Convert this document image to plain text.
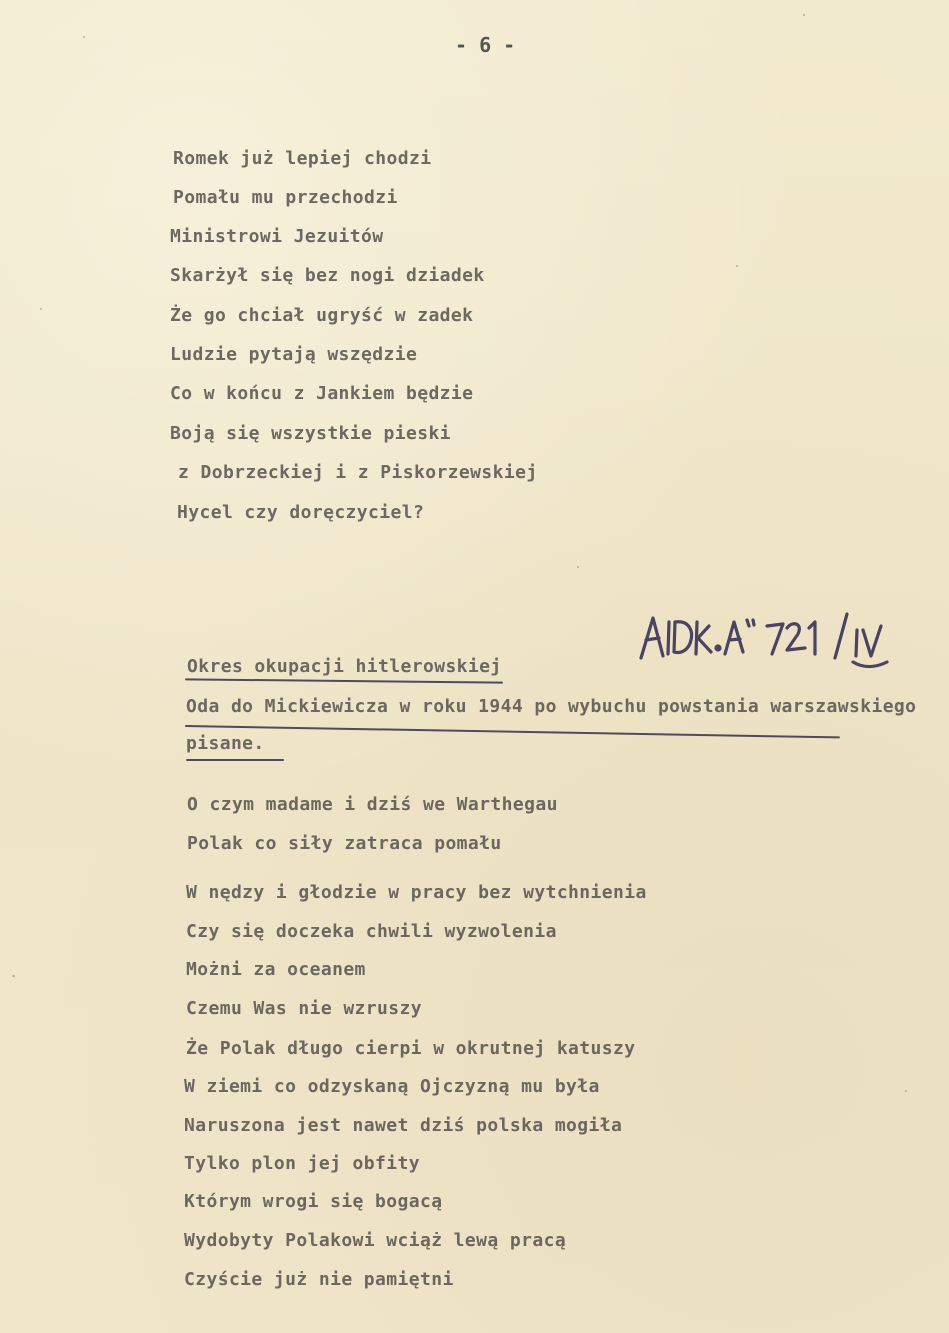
- 6 -

Romek już lepiej chodzi

Pomału mu przechodzi

Ministrowi Jezuitów

Skarżył się bez nogi dziadek

Że go chciał ugryść w zadek

Ludzie pytają wszędzie

Co w końcu z Jankiem będzie

Boją się wszystkie pieski

z Dobrzeckiej i z Piskorzewskiej

Hycel czy doręczyciel?

Okres okupacji hitlerowskiej

Oda do Mickiewicza w roku 1944 po wybuchu powstania warszawskiego

pisane.

O czym madame i dziś we Warthegau

Polak co siły zatraca pomału

W nędzy i głodzie w pracy bez wytchnienia

Czy się doczeka chwili wyzwolenia

Możni za oceanem

Czemu Was nie wzruszy

Że Polak długo cierpi w okrutnej katuszy

W ziemi co odzyskaną Ojczyzną mu była

Naruszona jest nawet dziś polska mogiła

Tylko plon jej obfity

Którym wrogi się bogacą

Wydobyty Polakowi wciąż lewą pracą

Czyście już nie pamiętni
